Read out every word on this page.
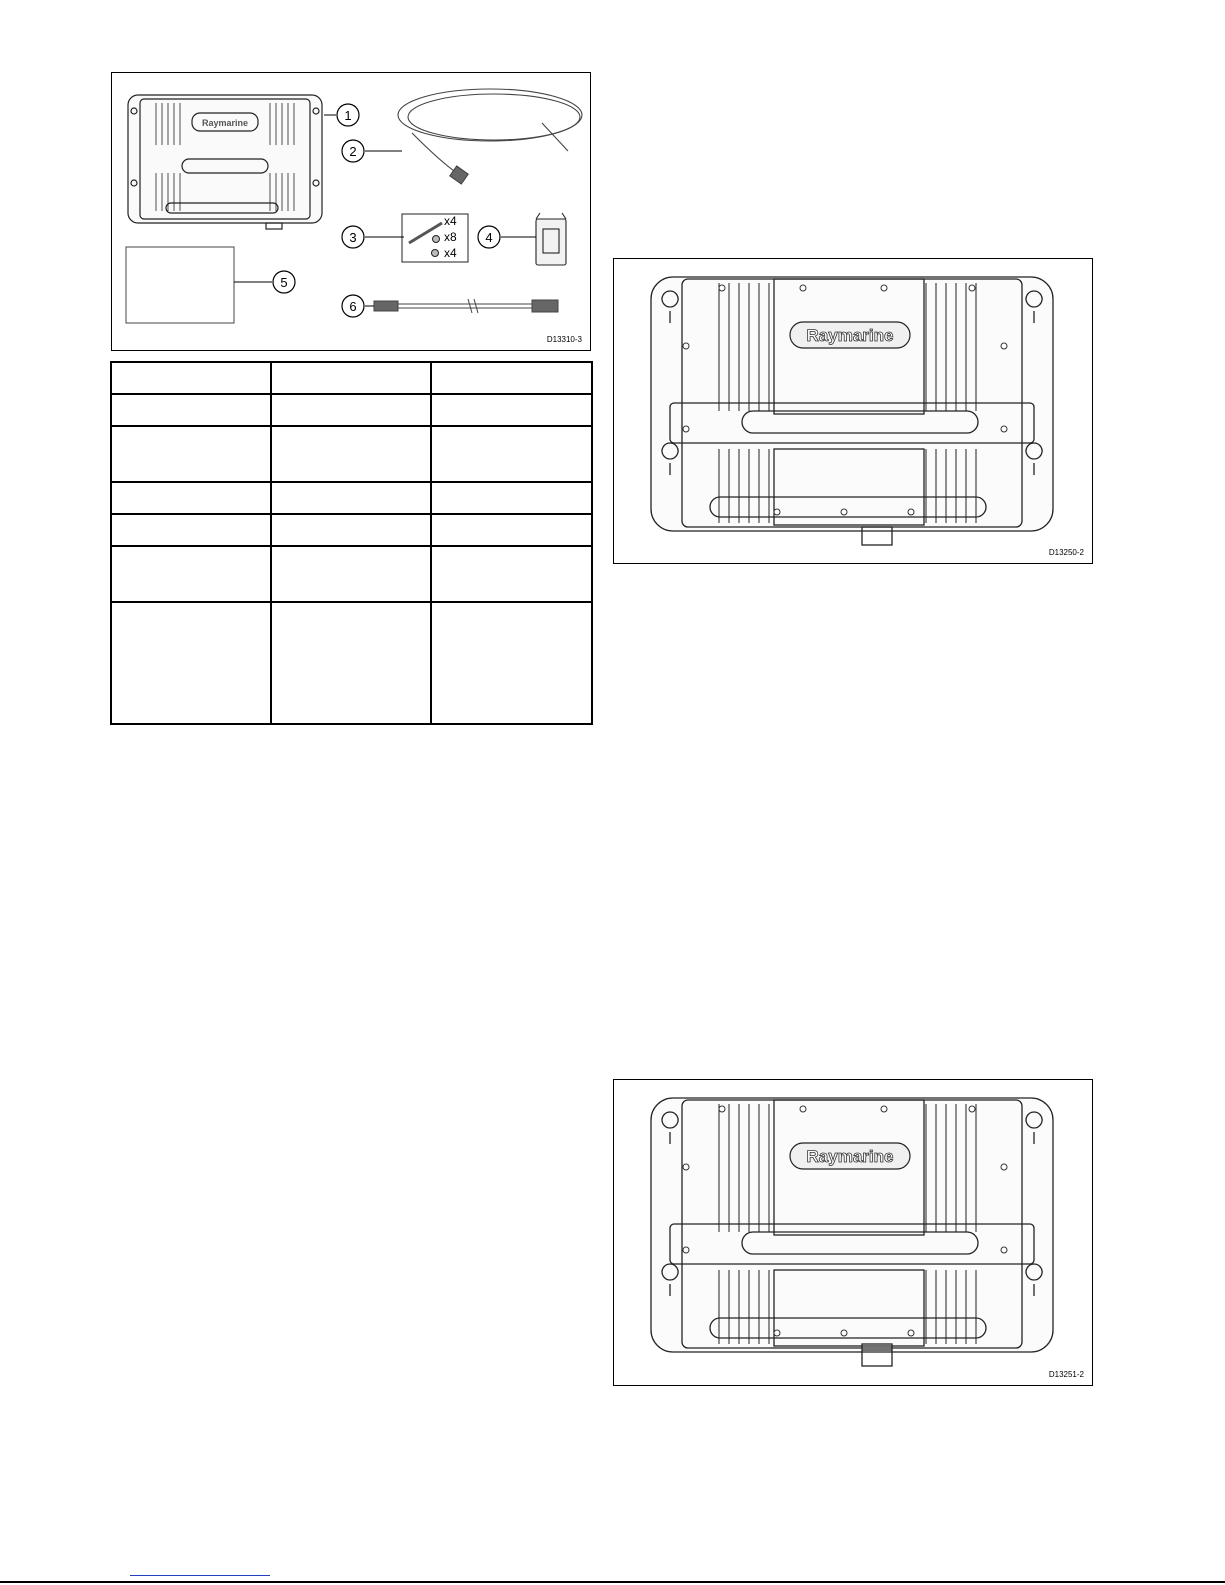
Raymarine
x4
x8
x4
1
2
3	4
5
6
D13310-3

			Raymarine
D13250-2
Raymarine
D13251-2
